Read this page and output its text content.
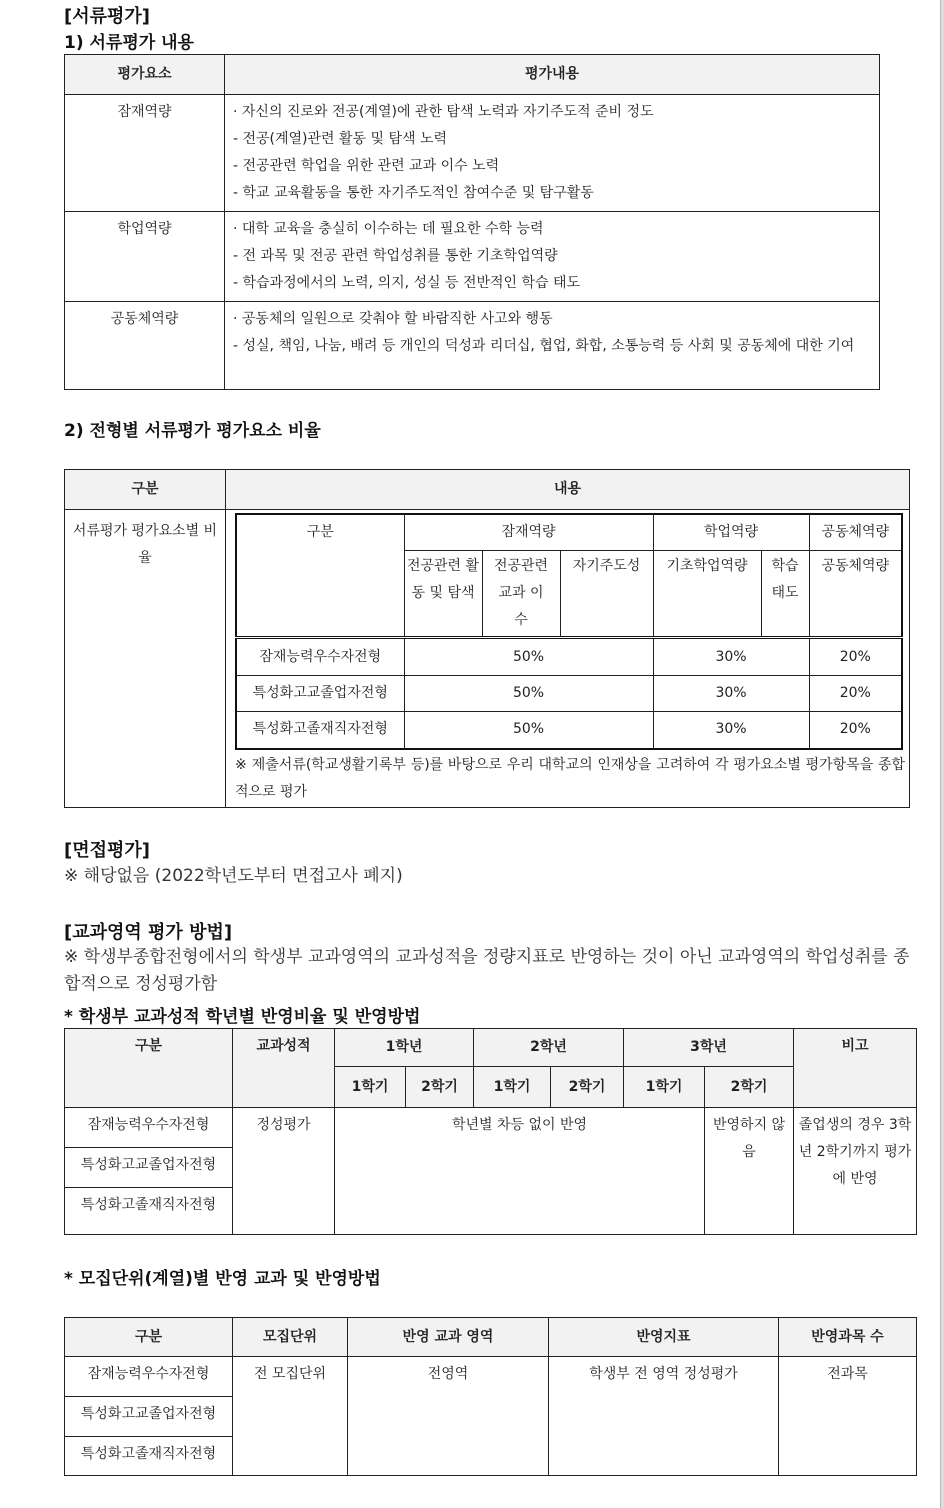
[서류평가]
1) 서류평가 내용
평가요소	평가내용
잠재역량	· 자신의 진로와 전공(계열)에 관한 탐색 노력과 자기주도적 준비 정도
- 전공(계열)관련 활동 및 탐색 노력
- 전공관련 학업을 위한 관련 교과 이수 노력
- 학교 교육활동을 통한 자기주도적인 참여수준 및 탐구활동

학업역량	· 대학 교육을 충실히 이수하는 데 필요한 수학 능력
- 전 과목 및 전공 관련 학업성취를 통한 기초학업역량
- 학습과정에서의 노력, 의지, 성실 등 전반적인 학습 태도

공동체역량	· 공동체의 일원으로 갖춰야 할 바람직한 사고와 행동
- 성실, 책임, 나눔, 배려 등 개인의 덕성과 리더십, 협업, 화합, 소통능력 등 사회 및 공동체에 대한 기여
2) 전형별 서류평가 평가요소 비율
구분	내용
서류평가 평가요소별 비율	
구분	잠재역량	학업역량	공동체역량
전공관련 활동 및 탐색	전공관련 교과 이수	자기주도성	기초학업역량	학습 태도	공동체역량
잠재능력우수자전형	50%	30%	20%
특성화고교졸업자전형	50%	30%	20%
특성화고졸재직자전형	50%	30%	20%
※ 제출서류(학교생활기록부 등)를 바탕으로 우리 대학교의 인재상을 고려하여 각 평가요소별 평가항목을 종합적으로 평가
[면접평가]
※ 해당없음 (2022학년도부터 면접고사 폐지)
[교과영역 평가 방법]
※ 학생부종합전형에서의 학생부 교과영역의 교과성적을 정량지표로 반영하는 것이 아닌 교과영역의 학업성취를 종합적으로 정성평가함
* 학생부 교과성적 학년별 반영비율 및 반영방법
구분	교과성적	1학년		2학년		3학년		비고
		1학기	2학기	1학기	2학기	1학기	2학기	
잠재능력우수자전형	정성평가	학년별 차등 없이 반영					반영하지 않음	졸업생의 경우 3학년 2학기까지 평가에 반영
특성화고교졸업자전형								
특성화고졸재직자전형								
* 모집단위(계열)별 반영 교과 및 반영방법
구분	모집단위	반영 교과 영역	반영지표	반영과목 수
잠재능력우수자전형	전 모집단위	전영역	학생부 전 영역 정성평가	전과목
특성화고교졸업자전형				
특성화고졸재직자전형				
